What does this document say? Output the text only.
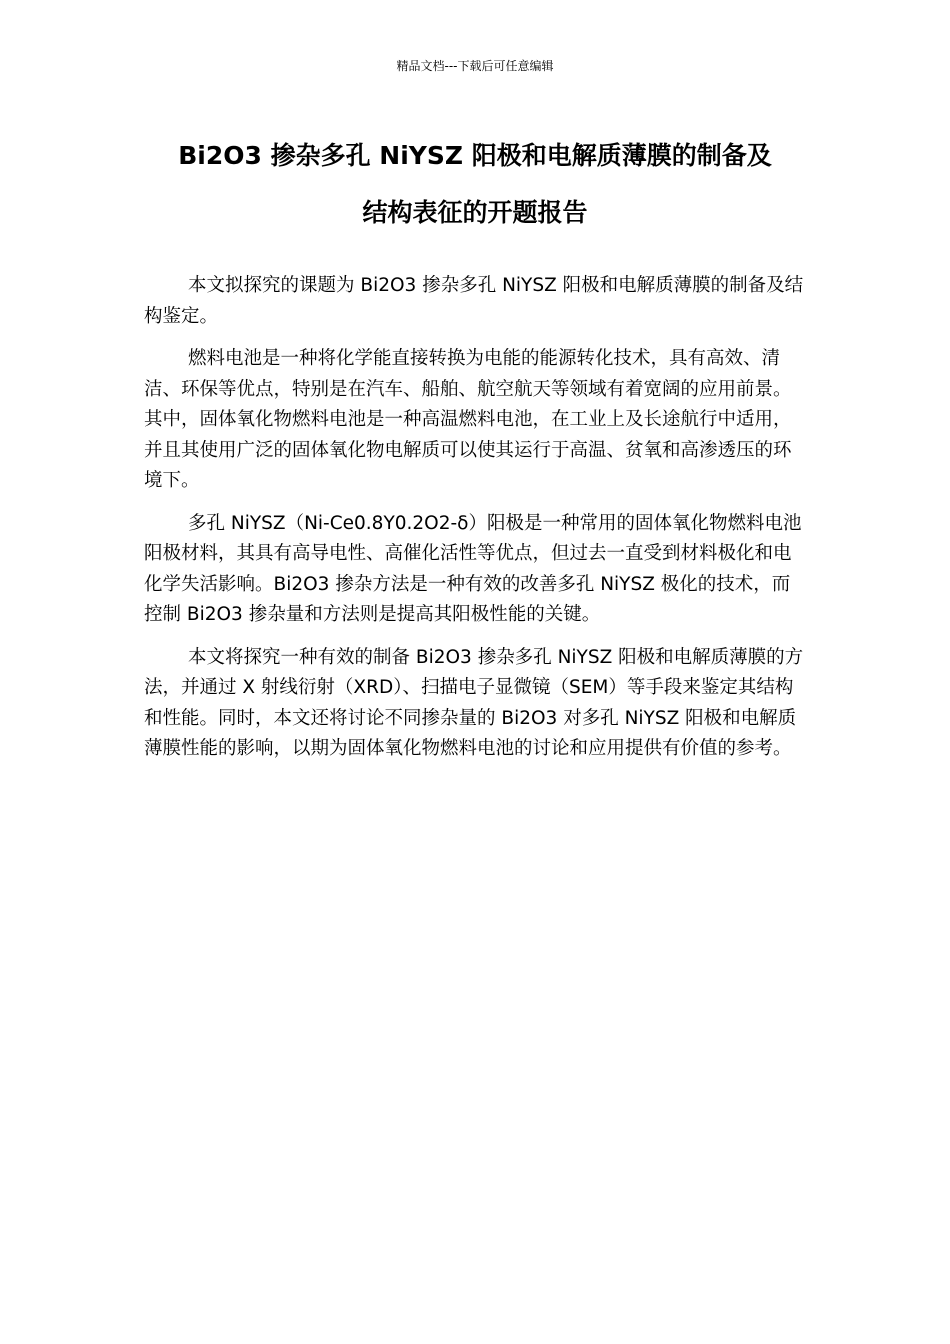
精品文档---下载后可任意编辑
Bi2O3 掺杂多孔 NiYSZ 阳极和电解质薄膜的制备及
结构表征的开题报告

本文拟探究的课题为 Bi2O3 掺杂多孔 NiYSZ 阳极和电解质薄膜的制备及结构鉴定。

燃料电池是一种将化学能直接转换为电能的能源转化技术，具有高效、清洁、环保等优点，特别是在汽车、船舶、航空航天等领域有着宽阔的应用前景。其中，固体氧化物燃料电池是一种高温燃料电池，在工业上及长途航行中适用，并且其使用广泛的固体氧化物电解质可以使其运行于高温、贫氧和高渗透压的环境下。

多孔 NiYSZ（Ni-Ce0.8Y0.2O2-δ）阳极是一种常用的固体氧化物燃料电池阳极材料，其具有高导电性、高催化活性等优点，但过去一直受到材料极化和电化学失活影响。Bi2O3 掺杂方法是一种有效的改善多孔 NiYSZ 极化的技术，而控制 Bi2O3 掺杂量和方法则是提高其阳极性能的关键。

本文将探究一种有效的制备 Bi2O3 掺杂多孔 NiYSZ 阳极和电解质薄膜的方法，并通过 X 射线衍射（XRD）、扫描电子显微镜（SEM）等手段来鉴定其结构和性能。同时，本文还将讨论不同掺杂量的 Bi2O3 对多孔 NiYSZ 阳极和电解质薄膜性能的影响，以期为固体氧化物燃料电池的讨论和应用提供有价值的参考。
